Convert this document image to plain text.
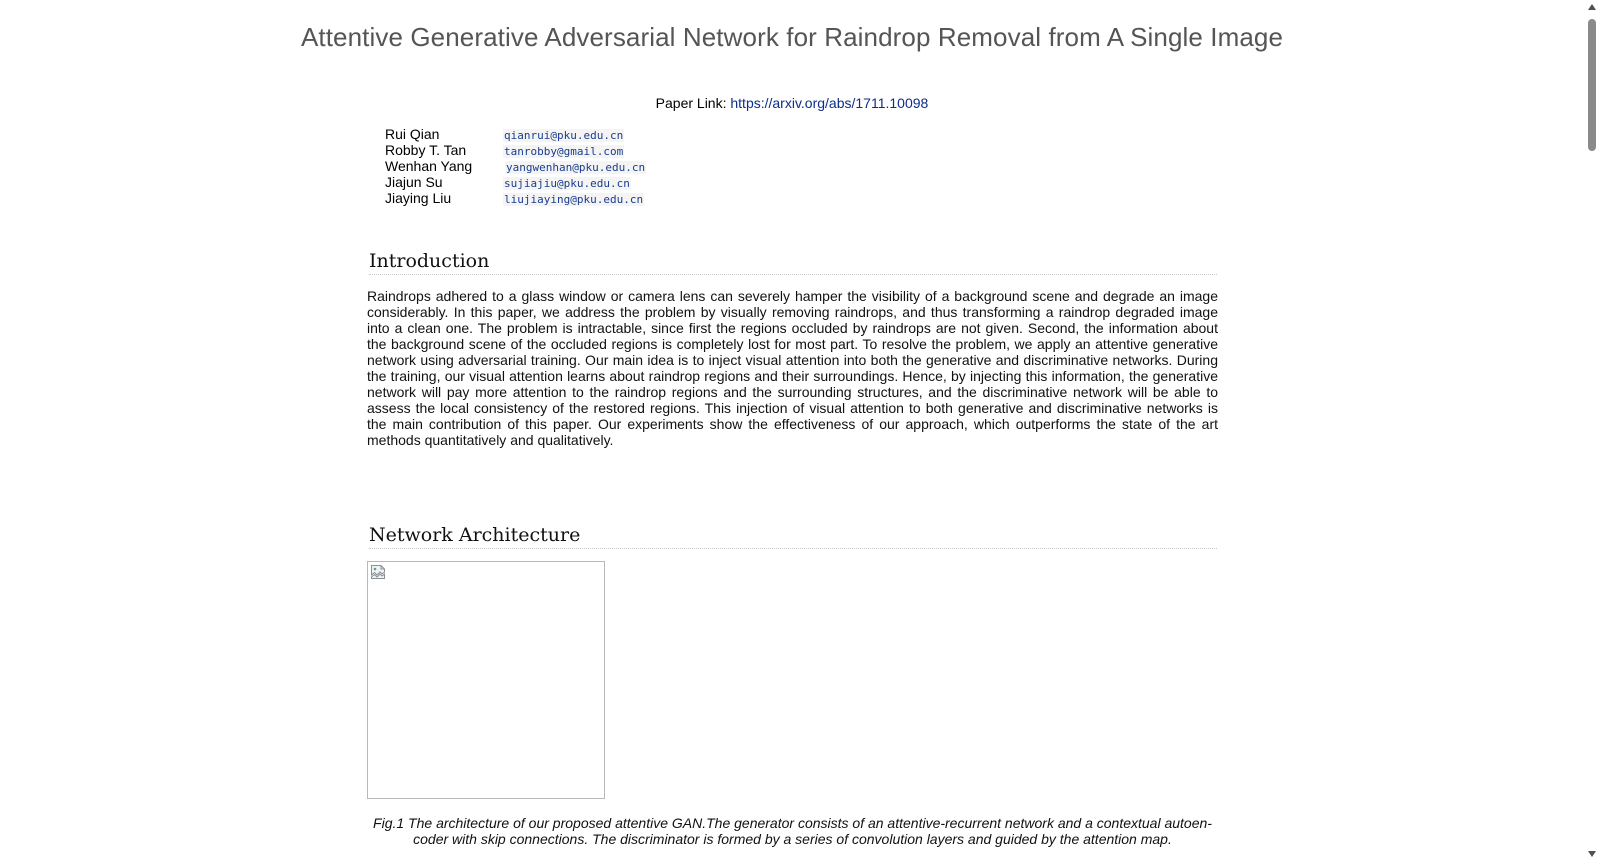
Attentive Generative Adversarial Network for Raindrop Removal from A Single Image
Paper Link: https://arxiv.org/abs/1711.10098
Rui Qian	qianrui@pku.edu.cn
Robby T. Tan	tanrobby@gmail.com
Wenhan Yang	yangwenhan@pku.edu.cn
Jiajun Su	sujiajiu@pku.edu.cn
Jiaying Liu	liujiaying@pku.edu.cn
Introduction

Raindrops adhered to a glass window or camera lens can severely hamper the visibility of a background scene and degrade an image considerably. In this paper, we address the problem by visually removing raindrops, and thus transforming a raindrop degraded image into a clean one. The problem is intractable, since first the regions occluded by raindrops are not given. Second, the information about the background scene of the occluded regions is completely lost for most part. To resolve the problem, we apply an attentive generative network using adversarial training. Our main idea is to inject visual attention into both the generative and discriminative networks. During the training, our visual attention learns about raindrop regions and their surroundings. Hence, by injecting this information, the generative network will pay more attention to the raindrop regions and the surrounding structures, and the discriminative network will be able to assess the local consistency of the restored regions. This injection of visual attention to both generative and discriminative networks is the main contribution of this paper. Our experiments show the effectiveness of our approach, which outperforms the state of the art methods quantitatively and qualitatively.

Network Architecture

Fig.1 The architecture of our proposed attentive GAN.The generator consists of an attentive-recurrent network and a contextual autoen-coder with skip connections. The discriminator is formed by a series of convolution layers and guided by the attention map.
